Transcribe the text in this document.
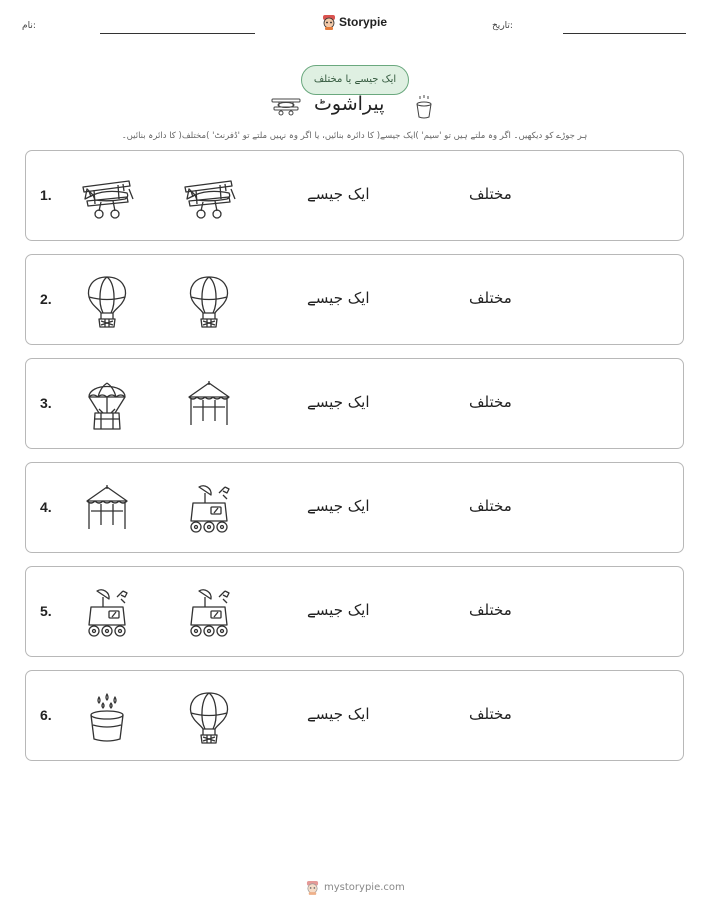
نام:	Storypie	تاریخ:
ایک جیسے یا مختلف
پیراشوٹ
ہر جوڑے کو دیکھیں۔ اگر وہ ملتے ہیں تو 'سیم' )ایک جیسے( کا دائرہ بنائیں، یا اگر وہ نہیں ملتے تو 'ڈفرنٹ' )مختلف( کا دائرہ بنائیں۔
1.	ایک جیسے	مختلف
2.	ایک جیسے	مختلف
3.	ایک جیسے	مختلف
4.	ایک جیسے	مختلف
5.	ایک جیسے	مختلف
6.	ایک جیسے	مختلف
mystorypie.com
